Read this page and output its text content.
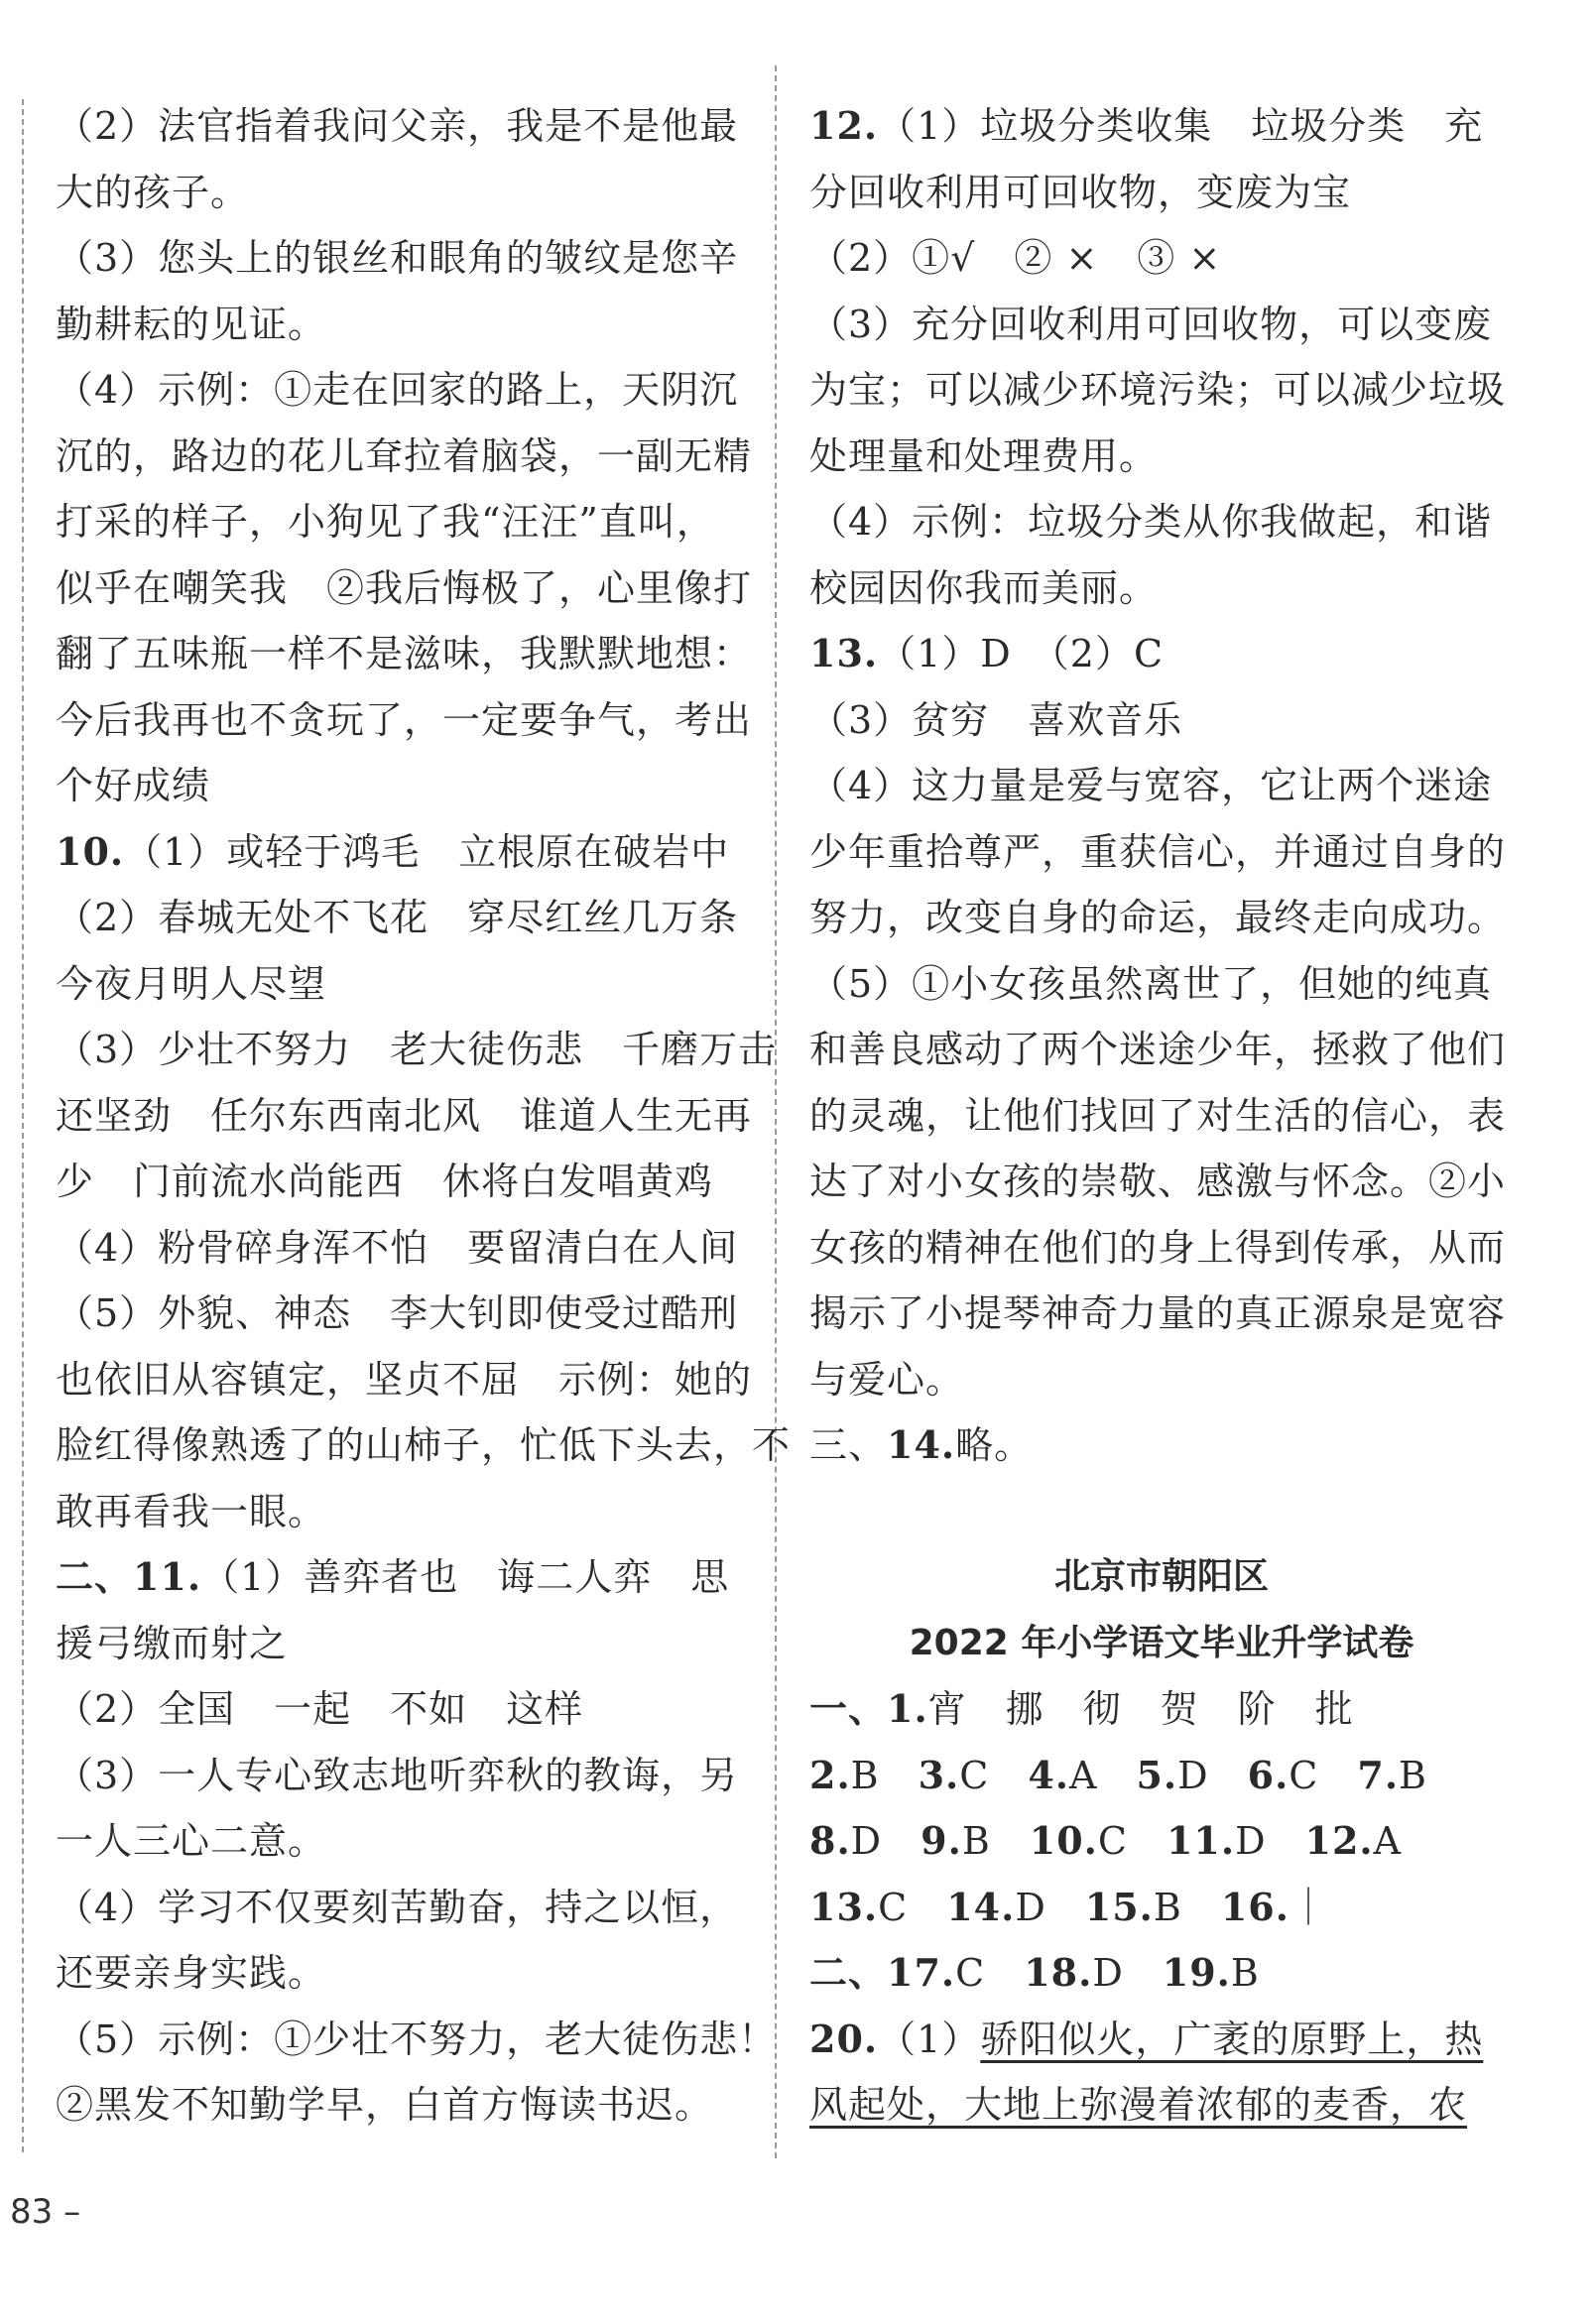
（2）法官指着我问父亲，我是不是他最
大的孩子。
（3）您头上的银丝和眼角的皱纹是您辛
勤耕耘的见证。
（4）示例：①走在回家的路上，天阴沉
沉的，路边的花儿耷拉着脑袋，一副无精
打采的样子，小狗见了我“汪汪”直叫，
似乎在嘲笑我　②我后悔极了，心里像打
翻了五味瓶一样不是滋味，我默默地想：
今后我再也不贪玩了，一定要争气，考出
个好成绩
10.（1）或轻于鸿毛　立根原在破岩中
（2）春城无处不飞花　穿尽红丝几万条
今夜月明人尽望
（3）少壮不努力　老大徒伤悲　千磨万击
还坚劲　任尔东西南北风　谁道人生无再
少　门前流水尚能西　休将白发唱黄鸡
（4）粉骨碎身浑不怕　要留清白在人间
（5）外貌、神态　李大钊即使受过酷刑
也依旧从容镇定，坚贞不屈　示例：她的
脸红得像熟透了的山柿子，忙低下头去，不
敢再看我一眼。
二、11.（1）善弈者也　诲二人弈　思
援弓缴而射之
（2）全国　一起　不如　这样
（3）一人专心致志地听弈秋的教诲，另
一人三心二意。
（4）学习不仅要刻苦勤奋，持之以恒，
还要亲身实践。
（5）示例：①少壮不努力，老大徒伤悲！
②黑发不知勤学早，白首方悔读书迟。
12.（1）垃圾分类收集　垃圾分类　充
分回收利用可回收物，变废为宝
（2）①√　② ×　③ ×
（3）充分回收利用可回收物，可以变废
为宝；可以减少环境污染；可以减少垃圾
处理量和处理费用。
（4）示例：垃圾分类从你我做起，和谐
校园因你我而美丽。
13.（1）D　（2）C
（3）贫穷　喜欢音乐
（4）这力量是爱与宽容，它让两个迷途
少年重拾尊严，重获信心，并通过自身的
努力，改变自身的命运，最终走向成功。
（5）①小女孩虽然离世了，但她的纯真
和善良感动了两个迷途少年，拯救了他们
的灵魂，让他们找回了对生活的信心，表
达了对小女孩的崇敬、感激与怀念。②小
女孩的精神在他们的身上得到传承，从而
揭示了小提琴神奇力量的真正源泉是宽容
与爱心。
三、14.略。
北京市朝阳区
2022 年小学语文毕业升学试卷
一、1.宵　挪　彻　贺　阶　批
2.B　3.C　4.A　5.D　6.C　7.B
8.D　9.B　10.C　11.D　12.A
13.C　14.D　15.B　16.｜
二、17.C　18.D　19.B
20.（1）骄阳似火，广袤的原野上，热
风起处，大地上弥漫着浓郁的麦香，农
83 –
